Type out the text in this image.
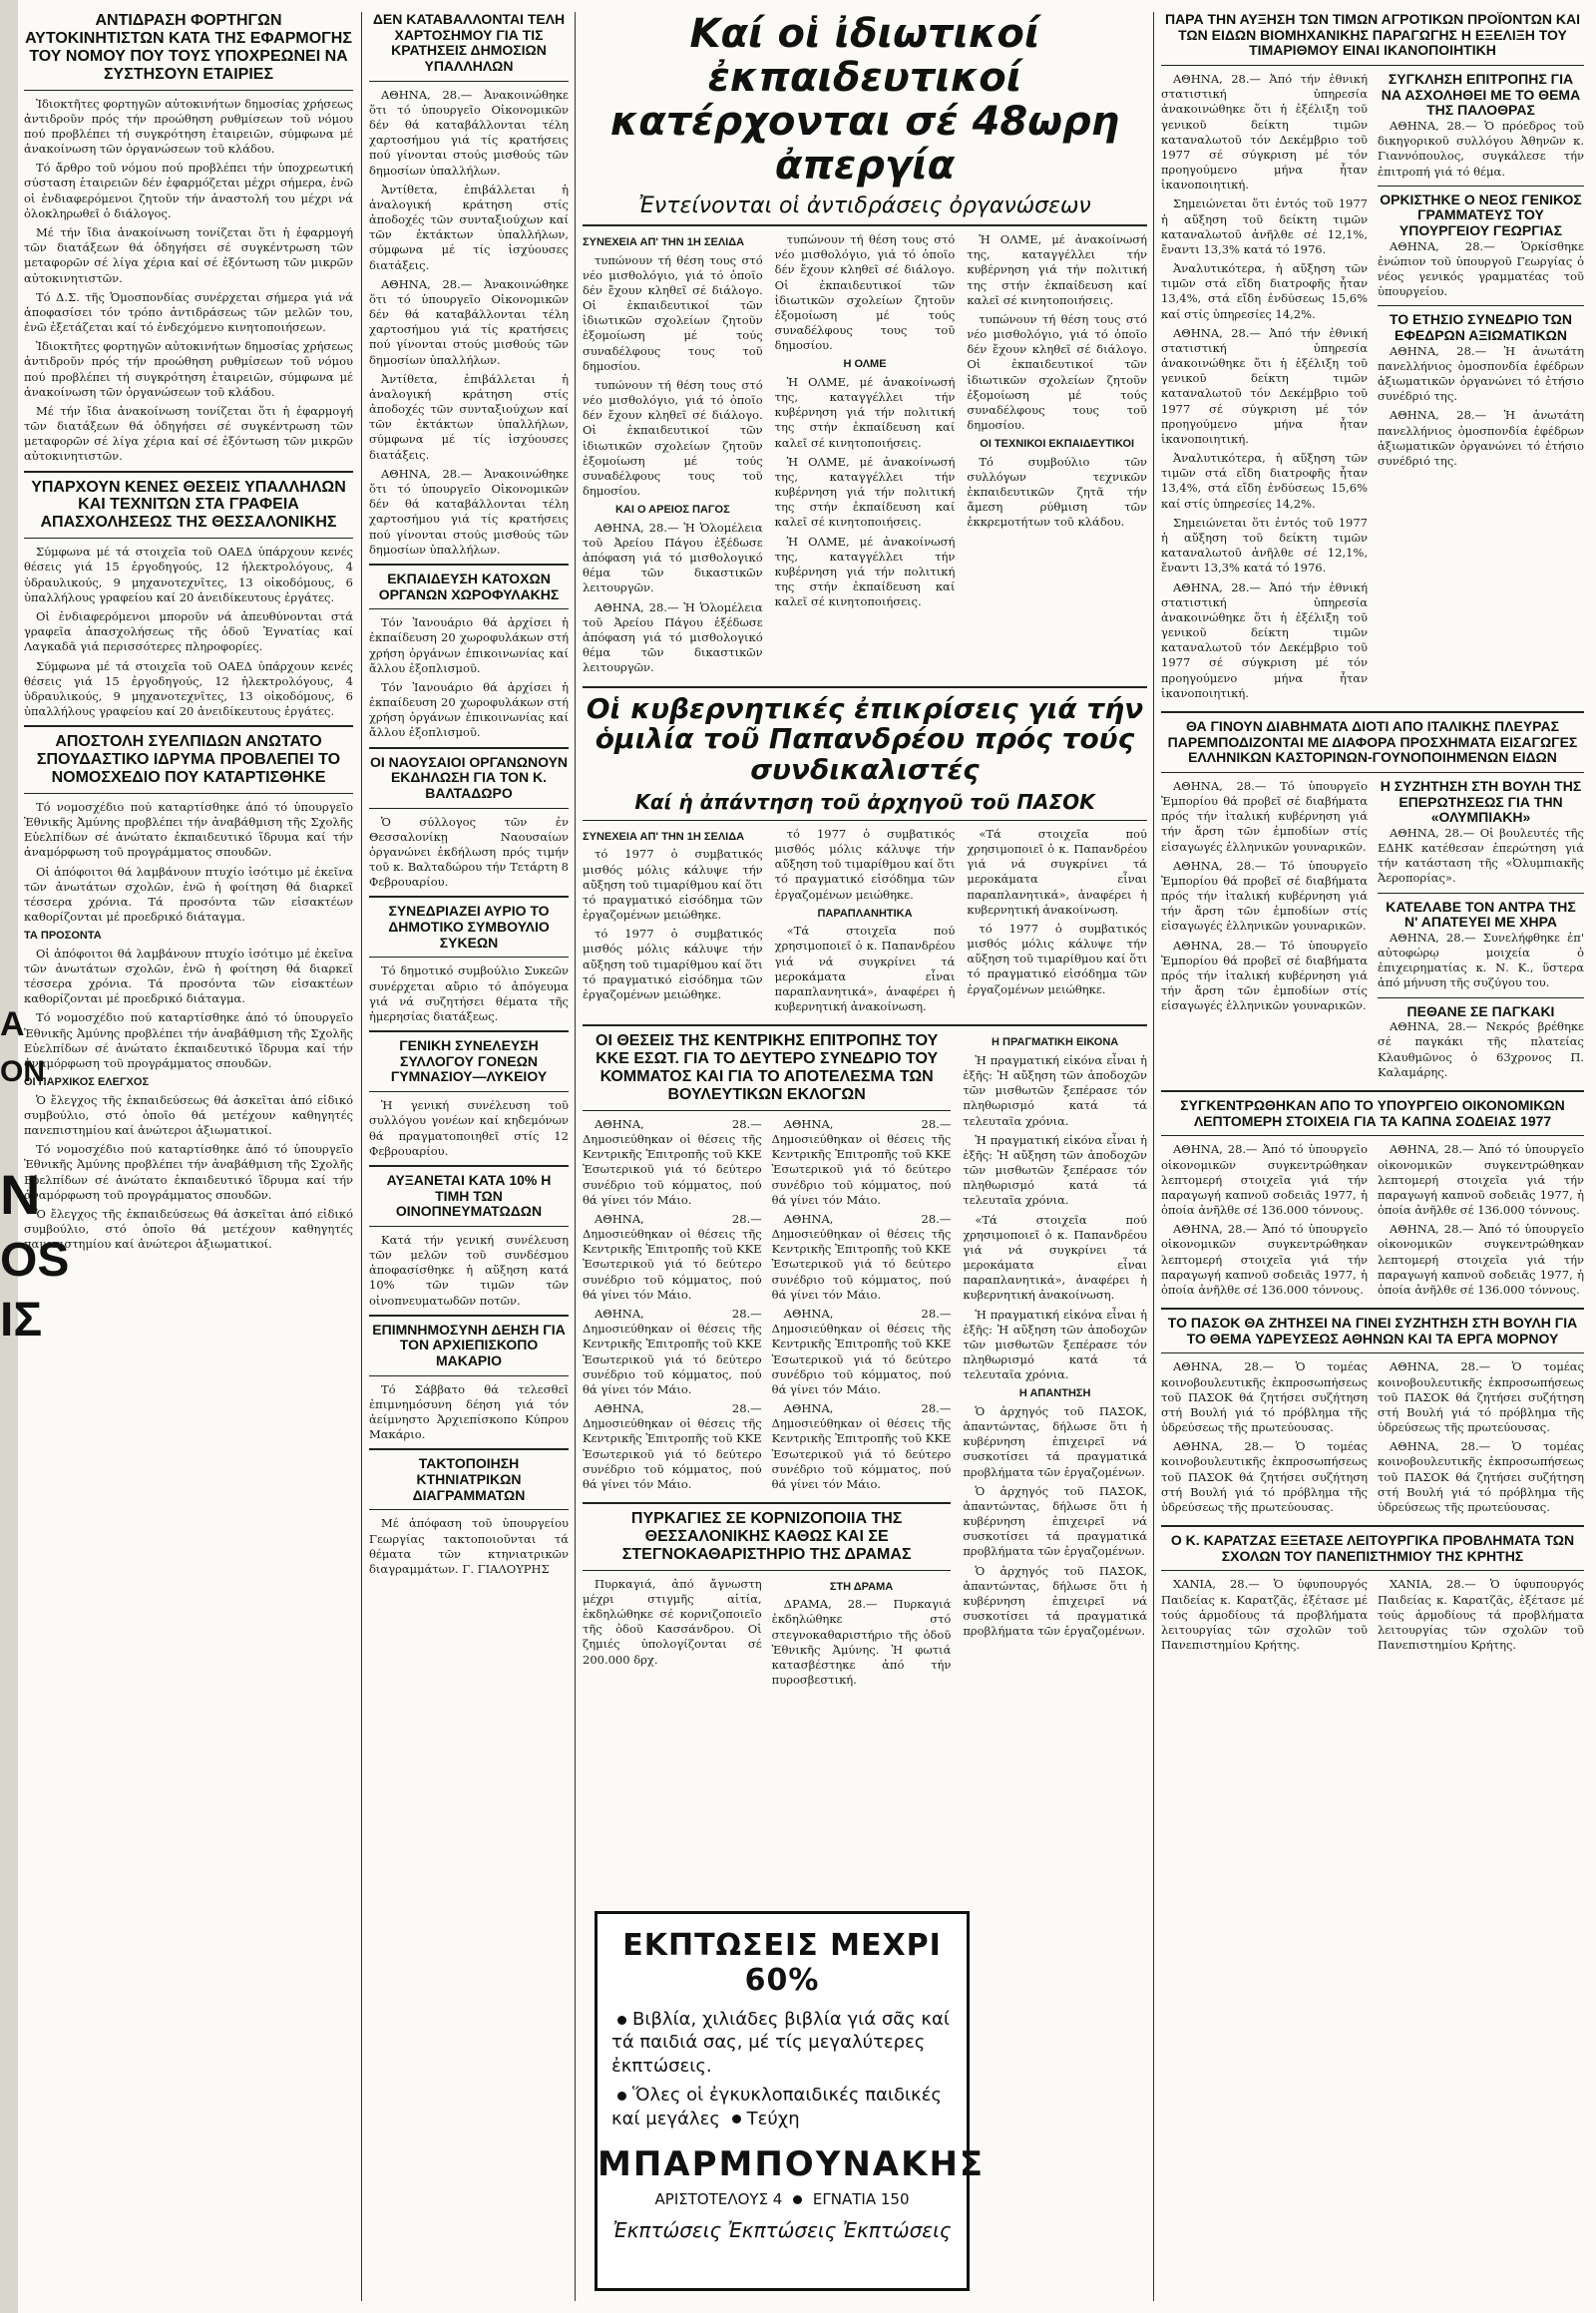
A
ON
N
OS
ΙΣ
ΑΝΤΙΔΡΑΣΗ ΦΟΡΤΗΓΩΝ ΑΥΤΟΚΙΝΗΤΙΣΤΩΝ ΚΑΤΑ ΤΗΣ ΕΦΑΡΜΟΓΗΣ ΤΟΥ ΝΟΜΟΥ ΠΟΥ ΤΟΥΣ ΥΠΟΧΡΕΩΝΕΙ ΝΑ ΣΥΣΤΗΣΟΥΝ ΕΤΑΙΡΙΕΣ

Ἰδιοκτῆτες φορτηγῶν αὐτοκινήτων δημοσίας χρήσεως ἀντιδροῦν πρός τήν προώθηση ρυθμίσεων τοῦ νόμου πού προβλέπει τή συγκρότηση ἑταιρειῶν, σύμφωνα μέ ἀνακοίνωση τῶν ὀργανώσεων τοῦ κλάδου.

Τό ἄρθρο τοῦ νόμου πού προβλέπει τήν ὑποχρεωτική σύσταση ἑταιρειῶν δέν ἐφαρμόζεται μέχρι σήμερα, ἐνῶ οἱ ἐνδιαφερόμενοι ζητοῦν τήν ἀναστολή του μέχρι νά ὁλοκληρωθεῖ ὁ διάλογος.

Μέ τήν ἴδια ἀνακοίνωση τονίζεται ὅτι ἡ ἐφαρμογή τῶν διατάξεων θά ὁδηγήσει σέ συγκέντρωση τῶν μεταφορῶν σέ λίγα χέρια καί σέ ἐξόντωση τῶν μικρῶν αὐτοκινητιστῶν.

Τό Δ.Σ. τῆς Ὁμοσπονδίας συνέρχεται σήμερα γιά νά ἀποφασίσει τόν τρόπο ἀντιδράσεως τῶν μελῶν του, ἐνῶ ἐξετάζεται καί τό ἐνδεχόμενο κινητοποιήσεων.

Ἰδιοκτῆτες φορτηγῶν αὐτοκινήτων δημοσίας χρήσεως ἀντιδροῦν πρός τήν προώθηση ρυθμίσεων τοῦ νόμου πού προβλέπει τή συγκρότηση ἑταιρειῶν, σύμφωνα μέ ἀνακοίνωση τῶν ὀργανώσεων τοῦ κλάδου.

Μέ τήν ἴδια ἀνακοίνωση τονίζεται ὅτι ἡ ἐφαρμογή τῶν διατάξεων θά ὁδηγήσει σέ συγκέντρωση τῶν μεταφορῶν σέ λίγα χέρια καί σέ ἐξόντωση τῶν μικρῶν αὐτοκινητιστῶν.

ΥΠΑΡΧΟΥΝ ΚΕΝΕΣ ΘΕΣΕΙΣ ΥΠΑΛΛΗΛΩΝ ΚΑΙ ΤΕΧΝΙΤΩΝ ΣΤΑ ΓΡΑΦΕΙΑ ΑΠΑΣΧΟΛΗΣΕΩΣ ΤΗΣ ΘΕΣΣΑΛΟΝΙΚΗΣ

Σύμφωνα μέ τά στοιχεῖα τοῦ ΟΑΕΔ ὑπάρχουν κενές θέσεις γιά 15 ἐργοδηγούς, 12 ἠλεκτρολόγους, 4 ὑδραυλικούς, 9 μηχανοτεχνῖτες, 13 οἰκοδόμους, 6 ὑπαλλήλους γραφείου καί 20 ἀνειδίκευτους ἐργάτες.

Οἱ ἐνδιαφερόμενοι μποροῦν νά ἀπευθύνονται στά γραφεῖα ἀπασχολήσεως τῆς ὁδοῦ Ἐγνατίας καί Λαγκαδᾶ γιά περισσότερες πληροφορίες.

Σύμφωνα μέ τά στοιχεῖα τοῦ ΟΑΕΔ ὑπάρχουν κενές θέσεις γιά 15 ἐργοδηγούς, 12 ἠλεκτρολόγους, 4 ὑδραυλικούς, 9 μηχανοτεχνῖτες, 13 οἰκοδόμους, 6 ὑπαλλήλους γραφείου καί 20 ἀνειδίκευτους ἐργάτες.

ΑΠΟΣΤΟΛΗ ΣΥΕΛΠΙΔΩΝ ΑΝΩΤΑΤΟ ΣΠΟΥΔΑΣΤΙΚΟ ΙΔΡΥΜΑ ΠΡΟΒΛΕΠΕΙ ΤΟ ΝΟΜΟΣΧΕΔΙΟ ΠΟΥ ΚΑΤΑΡΤΙΣΘΗΚΕ

Τό νομοσχέδιο πού καταρτίσθηκε ἀπό τό ὑπουργεῖο Ἐθνικῆς Ἀμύνης προβλέπει τήν ἀναβάθμιση τῆς Σχολῆς Εὐελπίδων σέ ἀνώτατο ἐκπαιδευτικό ἵδρυμα καί τήν ἀναμόρφωση τοῦ προγράμματος σπουδῶν.

Οἱ ἀπόφοιτοι θά λαμβάνουν πτυχίο ἰσότιμο μέ ἐκεῖνα τῶν ἀνωτάτων σχολῶν, ἐνῶ ἡ φοίτηση θά διαρκεῖ τέσσερα χρόνια. Τά προσόντα τῶν εἰσακτέων καθορίζονται μέ προεδρικό διάταγμα.

ΤΑ ΠΡΟΣΟΝΤΑ

Οἱ ἀπόφοιτοι θά λαμβάνουν πτυχίο ἰσότιμο μέ ἐκεῖνα τῶν ἀνωτάτων σχολῶν, ἐνῶ ἡ φοίτηση θά διαρκεῖ τέσσερα χρόνια. Τά προσόντα τῶν εἰσακτέων καθορίζονται μέ προεδρικό διάταγμα.

Τό νομοσχέδιο πού καταρτίσθηκε ἀπό τό ὑπουργεῖο Ἐθνικῆς Ἀμύνης προβλέπει τήν ἀναβάθμιση τῆς Σχολῆς Εὐελπίδων σέ ἀνώτατο ἐκπαιδευτικό ἵδρυμα καί τήν ἀναμόρφωση τοῦ προγράμματος σπουδῶν.

ΟΙ ΠΑΡΧΙΚΟΣ ΕΛΕΓΧΟΣ

Ὁ ἔλεγχος τῆς ἐκπαιδεύσεως θά ἀσκεῖται ἀπό εἰδικό συμβούλιο, στό ὁποῖο θά μετέχουν καθηγητές πανεπιστημίου καί ἀνώτεροι ἀξιωματικοί.

Τό νομοσχέδιο πού καταρτίσθηκε ἀπό τό ὑπουργεῖο Ἐθνικῆς Ἀμύνης προβλέπει τήν ἀναβάθμιση τῆς Σχολῆς Εὐελπίδων σέ ἀνώτατο ἐκπαιδευτικό ἵδρυμα καί τήν ἀναμόρφωση τοῦ προγράμματος σπουδῶν.

Ὁ ἔλεγχος τῆς ἐκπαιδεύσεως θά ἀσκεῖται ἀπό εἰδικό συμβούλιο, στό ὁποῖο θά μετέχουν καθηγητές πανεπιστημίου καί ἀνώτεροι ἀξιωματικοί.

ΔΕΝ ΚΑΤΑΒΑΛΛΟΝΤΑΙ ΤΕΛΗ ΧΑΡΤΟΣΗΜΟΥ ΓΙΑ ΤΙΣ ΚΡΑΤΗΣΕΙΣ ΔΗΜΟΣΙΩΝ ΥΠΑΛΛΗΛΩΝ

ΑΘΗΝΑ, 28.— Ἀνακοινώθηκε ὅτι τό ὑπουργεῖο Οἰκονομικῶν δέν θά καταβάλλονται τέλη χαρτοσήμου γιά τίς κρατήσεις πού γίνονται στούς μισθούς τῶν δημοσίων ὑπαλλήλων.

Ἀντίθετα, ἐπιβάλλεται ἡ ἀναλογική κράτηση στίς ἀποδοχές τῶν συνταξιούχων καί τῶν ἐκτάκτων ὑπαλλήλων, σύμφωνα μέ τίς ἰσχύουσες διατάξεις.

ΑΘΗΝΑ, 28.— Ἀνακοινώθηκε ὅτι τό ὑπουργεῖο Οἰκονομικῶν δέν θά καταβάλλονται τέλη χαρτοσήμου γιά τίς κρατήσεις πού γίνονται στούς μισθούς τῶν δημοσίων ὑπαλλήλων.

Ἀντίθετα, ἐπιβάλλεται ἡ ἀναλογική κράτηση στίς ἀποδοχές τῶν συνταξιούχων καί τῶν ἐκτάκτων ὑπαλλήλων, σύμφωνα μέ τίς ἰσχύουσες διατάξεις.

ΑΘΗΝΑ, 28.— Ἀνακοινώθηκε ὅτι τό ὑπουργεῖο Οἰκονομικῶν δέν θά καταβάλλονται τέλη χαρτοσήμου γιά τίς κρατήσεις πού γίνονται στούς μισθούς τῶν δημοσίων ὑπαλλήλων.

ΕΚΠΑΙΔΕΥΣΗ ΚΑΤΟΧΩΝ ΟΡΓΑΝΩΝ ΧΩΡΟΦΥΛΑΚΗΣ

Τόν Ἰανουάριο θά ἀρχίσει ἡ ἐκπαίδευση 20 χωροφυλάκων στή χρήση ὀργάνων ἐπικοινωνίας καί ἄλλου ἐξοπλισμοῦ.

Τόν Ἰανουάριο θά ἀρχίσει ἡ ἐκπαίδευση 20 χωροφυλάκων στή χρήση ὀργάνων ἐπικοινωνίας καί ἄλλου ἐξοπλισμοῦ.

ΟΙ ΝΑΟΥΣΑΙΟΙ ΟΡΓΑΝΩΝΟΥΝ ΕΚΔΗΛΩΣΗ ΓΙΑ ΤΟΝ Κ. ΒΑΛΤΑΔΩΡΟ

Ὁ σύλλογος τῶν ἐν Θεσσαλονίκῃ Ναουσαίων ὀργανώνει ἐκδήλωση πρός τιμήν τοῦ κ. Βαλταδώρου τήν Τετάρτη 8 Φεβρουαρίου.

ΣΥΝΕΔΡΙΑΖΕΙ ΑΥΡΙΟ ΤΟ ΔΗΜΟΤΙΚΟ ΣΥΜΒΟΥΛΙΟ ΣΥΚΕΩΝ

Τό δημοτικό συμβούλιο Συκεῶν συνέρχεται αὔριο τό ἀπόγευμα γιά νά συζητήσει θέματα τῆς ἡμερησίας διατάξεως.

ΓΕΝΙΚΗ ΣΥΝΕΛΕΥΣΗ ΣΥΛΛΟΓΟΥ ΓΟΝΕΩΝ ΓΥΜΝΑΣΙΟΥ—ΛΥΚΕΙΟΥ

Ἡ γενική συνέλευση τοῦ συλλόγου γονέων καί κηδεμόνων θά πραγματοποιηθεῖ στίς 12 Φεβρουαρίου.

ΑΥΞΑΝΕΤΑΙ ΚΑΤΑ 10% Η ΤΙΜΗ ΤΩΝ ΟΙΝΟΠΝΕΥΜΑΤΩΔΩΝ

Κατά τήν γενική συνέλευση τῶν μελῶν τοῦ συνδέσμου ἀποφασίσθηκε ἡ αὔξηση κατά 10% τῶν τιμῶν τῶν οἰνοπνευματωδῶν ποτῶν.

ΕΠΙΜΝΗΜΟΣΥΝΗ ΔΕΗΣΗ ΓΙΑ ΤΟΝ ΑΡΧΙΕΠΙΣΚΟΠΟ ΜΑΚΑΡΙΟ

Τό Σάββατο θά τελεσθεῖ ἐπιμνημόσυνη δέηση γιά τόν ἀείμνηστο Ἀρχιεπίσκοπο Κύπρου Μακάριο.

ΤΑΚΤΟΠΟΙΗΣΗ ΚΤΗΝΙΑΤΡΙΚΩΝ ΔΙΑΓΡΑΜΜΑΤΩΝ

Μέ ἀπόφαση τοῦ ὑπουργείου Γεωργίας τακτοποιοῦνται τά θέματα τῶν κτηνιατρικῶν διαγραμμάτων. Γ. ΓΙΑΛΟΥΡΗΣ

Καί οἱ ἰδιωτικοί ἐκπαιδευτικοί κατέρχονται σέ 48ωρη ἀπεργία
Ἐντείνονται οἱ ἀντιδράσεις ὀργανώσεων
ΣΥΝΕΧΕΙΑ ΑΠ' ΤΗΝ 1Η ΣΕΛΙΔΑ

τυπώνουν τή θέση τους στό νέο μισθολόγιο, γιά τό ὁποῖο δέν ἔχουν κληθεῖ σέ διάλογο. Οἱ ἐκπαιδευτικοί τῶν ἰδιωτικῶν σχολείων ζητοῦν ἐξομοίωση μέ τούς συναδέλφους τους τοῦ δημοσίου.

τυπώνουν τή θέση τους στό νέο μισθολόγιο, γιά τό ὁποῖο δέν ἔχουν κληθεῖ σέ διάλογο. Οἱ ἐκπαιδευτικοί τῶν ἰδιωτικῶν σχολείων ζητοῦν ἐξομοίωση μέ τούς συναδέλφους τους τοῦ δημοσίου.

ΚΑΙ Ο ΑΡΕΙΟΣ ΠΑΓΟΣ

ΑΘΗΝΑ, 28.— Ἡ Ὁλομέλεια τοῦ Ἀρείου Πάγου ἐξέδωσε ἀπόφαση γιά τό μισθολογικό θέμα τῶν δικαστικῶν λειτουργῶν.

ΑΘΗΝΑ, 28.— Ἡ Ὁλομέλεια τοῦ Ἀρείου Πάγου ἐξέδωσε ἀπόφαση γιά τό μισθολογικό θέμα τῶν δικαστικῶν λειτουργῶν.

τυπώνουν τή θέση τους στό νέο μισθολόγιο, γιά τό ὁποῖο δέν ἔχουν κληθεῖ σέ διάλογο. Οἱ ἐκπαιδευτικοί τῶν ἰδιωτικῶν σχολείων ζητοῦν ἐξομοίωση μέ τούς συναδέλφους τους τοῦ δημοσίου.

Η ΟΛΜΕ

Ἡ ΟΛΜΕ, μέ ἀνακοίνωσή της, καταγγέλλει τήν κυβέρνηση γιά τήν πολιτική της στήν ἐκπαίδευση καί καλεῖ σέ κινητοποιήσεις.

Ἡ ΟΛΜΕ, μέ ἀνακοίνωσή της, καταγγέλλει τήν κυβέρνηση γιά τήν πολιτική της στήν ἐκπαίδευση καί καλεῖ σέ κινητοποιήσεις.

Ἡ ΟΛΜΕ, μέ ἀνακοίνωσή της, καταγγέλλει τήν κυβέρνηση γιά τήν πολιτική της στήν ἐκπαίδευση καί καλεῖ σέ κινητοποιήσεις.

Ἡ ΟΛΜΕ, μέ ἀνακοίνωσή της, καταγγέλλει τήν κυβέρνηση γιά τήν πολιτική της στήν ἐκπαίδευση καί καλεῖ σέ κινητοποιήσεις.

τυπώνουν τή θέση τους στό νέο μισθολόγιο, γιά τό ὁποῖο δέν ἔχουν κληθεῖ σέ διάλογο. Οἱ ἐκπαιδευτικοί τῶν ἰδιωτικῶν σχολείων ζητοῦν ἐξομοίωση μέ τούς συναδέλφους τους τοῦ δημοσίου.

ΟΙ ΤΕΧΝΙΚΟΙ ΕΚΠΑΙΔΕΥΤΙΚΟΙ

Τό συμβούλιο τῶν συλλόγων τεχνικῶν ἐκπαιδευτικῶν ζητᾶ τήν ἄμεση ρύθμιση τῶν ἐκκρεμοτήτων τοῦ κλάδου.

Οἱ κυβερνητικές ἐπικρίσεις γιά τήν ὁμιλία τοῦ Παπανδρέου πρός τούς συνδικαλιστές
Καί ἡ ἀπάντηση τοῦ ἀρχηγοῦ τοῦ ΠΑΣΟΚ
ΣΥΝΕΧΕΙΑ ΑΠ' ΤΗΝ 1Η ΣΕΛΙΔΑ

τό 1977 ὁ συμβατικός μισθός μόλις κάλυψε τήν αὔξηση τοῦ τιμαρίθμου καί ὅτι τό πραγματικό εἰσόδημα τῶν ἐργαζομένων μειώθηκε.

τό 1977 ὁ συμβατικός μισθός μόλις κάλυψε τήν αὔξηση τοῦ τιμαρίθμου καί ὅτι τό πραγματικό εἰσόδημα τῶν ἐργαζομένων μειώθηκε.

τό 1977 ὁ συμβατικός μισθός μόλις κάλυψε τήν αὔξηση τοῦ τιμαρίθμου καί ὅτι τό πραγματικό εἰσόδημα τῶν ἐργαζομένων μειώθηκε.

ΠΑΡΑΠΛΑΝΗΤΙΚΑ

«Τά στοιχεῖα πού χρησιμοποιεῖ ὁ κ. Παπανδρέου γιά νά συγκρίνει τά μεροκάματα εἶναι παραπλανητικά», ἀναφέρει ἡ κυβερνητική ἀνακοίνωση.

«Τά στοιχεῖα πού χρησιμοποιεῖ ὁ κ. Παπανδρέου γιά νά συγκρίνει τά μεροκάματα εἶναι παραπλανητικά», ἀναφέρει ἡ κυβερνητική ἀνακοίνωση.

τό 1977 ὁ συμβατικός μισθός μόλις κάλυψε τήν αὔξηση τοῦ τιμαρίθμου καί ὅτι τό πραγματικό εἰσόδημα τῶν ἐργαζομένων μειώθηκε.

ΟΙ ΘΕΣΕΙΣ ΤΗΣ ΚΕΝΤΡΙΚΗΣ ΕΠΙΤΡΟΠΗΣ ΤΟΥ ΚΚΕ ΕΣΩΤ. ΓΙΑ ΤΟ ΔΕΥΤΕΡΟ ΣΥΝΕΔΡΙΟ ΤΟΥ ΚΟΜΜΑΤΟΣ ΚΑΙ ΓΙΑ ΤΟ ΑΠΟΤΕΛΕΣΜΑ ΤΩΝ ΒΟΥΛΕΥΤΙΚΩΝ ΕΚΛΟΓΩΝ

ΑΘΗΝΑ, 28.— Δημοσιεύθηκαν οἱ θέσεις τῆς Κεντρικῆς Ἐπιτροπῆς τοῦ ΚΚΕ Ἐσωτερικοῦ γιά τό δεύτερο συνέδριο τοῦ κόμματος, πού θά γίνει τόν Μάιο.

ΑΘΗΝΑ, 28.— Δημοσιεύθηκαν οἱ θέσεις τῆς Κεντρικῆς Ἐπιτροπῆς τοῦ ΚΚΕ Ἐσωτερικοῦ γιά τό δεύτερο συνέδριο τοῦ κόμματος, πού θά γίνει τόν Μάιο.

ΑΘΗΝΑ, 28.— Δημοσιεύθηκαν οἱ θέσεις τῆς Κεντρικῆς Ἐπιτροπῆς τοῦ ΚΚΕ Ἐσωτερικοῦ γιά τό δεύτερο συνέδριο τοῦ κόμματος, πού θά γίνει τόν Μάιο.

ΑΘΗΝΑ, 28.— Δημοσιεύθηκαν οἱ θέσεις τῆς Κεντρικῆς Ἐπιτροπῆς τοῦ ΚΚΕ Ἐσωτερικοῦ γιά τό δεύτερο συνέδριο τοῦ κόμματος, πού θά γίνει τόν Μάιο.

ΑΘΗΝΑ, 28.— Δημοσιεύθηκαν οἱ θέσεις τῆς Κεντρικῆς Ἐπιτροπῆς τοῦ ΚΚΕ Ἐσωτερικοῦ γιά τό δεύτερο συνέδριο τοῦ κόμματος, πού θά γίνει τόν Μάιο.

ΑΘΗΝΑ, 28.— Δημοσιεύθηκαν οἱ θέσεις τῆς Κεντρικῆς Ἐπιτροπῆς τοῦ ΚΚΕ Ἐσωτερικοῦ γιά τό δεύτερο συνέδριο τοῦ κόμματος, πού θά γίνει τόν Μάιο.

ΑΘΗΝΑ, 28.— Δημοσιεύθηκαν οἱ θέσεις τῆς Κεντρικῆς Ἐπιτροπῆς τοῦ ΚΚΕ Ἐσωτερικοῦ γιά τό δεύτερο συνέδριο τοῦ κόμματος, πού θά γίνει τόν Μάιο.

ΑΘΗΝΑ, 28.— Δημοσιεύθηκαν οἱ θέσεις τῆς Κεντρικῆς Ἐπιτροπῆς τοῦ ΚΚΕ Ἐσωτερικοῦ γιά τό δεύτερο συνέδριο τοῦ κόμματος, πού θά γίνει τόν Μάιο.

ΠΥΡΚΑΓΙΕΣ ΣΕ ΚΟΡΝΙΖΟΠΟΙΙΑ ΤΗΣ ΘΕΣΣΑΛΟΝΙΚΗΣ ΚΑΘΩΣ ΚΑΙ ΣΕ ΣΤΕΓΝΟΚΑΘΑΡΙΣΤΗΡΙΟ ΤΗΣ ΔΡΑΜΑΣ

Πυρκαγιά, ἀπό ἄγνωστη μέχρι στιγμῆς αἰτία, ἐκδηλώθηκε σέ κορνιζοποιεῖο τῆς ὁδοῦ Κασσάνδρου. Οἱ ζημιές ὑπολογίζονται σέ 200.000 δρχ.

ΣΤΗ ΔΡΑΜΑ

ΔΡΑΜΑ, 28.— Πυρκαγιά ἐκδηλώθηκε στό στεγνοκαθαριστήριο τῆς ὁδοῦ Ἐθνικῆς Ἀμύνης. Ἡ φωτιά κατασβέστηκε ἀπό τήν πυροσβεστική.

Η ΠΡΑΓΜΑΤΙΚΗ ΕΙΚΟΝΑ

Ἡ πραγματική εἰκόνα εἶναι ἡ ἑξῆς: Ἡ αὔξηση τῶν ἀποδοχῶν τῶν μισθωτῶν ξεπέρασε τόν πληθωρισμό κατά τά τελευταῖα χρόνια.

Ἡ πραγματική εἰκόνα εἶναι ἡ ἑξῆς: Ἡ αὔξηση τῶν ἀποδοχῶν τῶν μισθωτῶν ξεπέρασε τόν πληθωρισμό κατά τά τελευταῖα χρόνια.

«Τά στοιχεῖα πού χρησιμοποιεῖ ὁ κ. Παπανδρέου γιά νά συγκρίνει τά μεροκάματα εἶναι παραπλανητικά», ἀναφέρει ἡ κυβερνητική ἀνακοίνωση.

Ἡ πραγματική εἰκόνα εἶναι ἡ ἑξῆς: Ἡ αὔξηση τῶν ἀποδοχῶν τῶν μισθωτῶν ξεπέρασε τόν πληθωρισμό κατά τά τελευταῖα χρόνια.

Η ΑΠΑΝΤΗΣΗ

Ὁ ἀρχηγός τοῦ ΠΑΣΟΚ, ἀπαντώντας, δήλωσε ὅτι ἡ κυβέρνηση ἐπιχειρεῖ νά συσκοτίσει τά πραγματικά προβλήματα τῶν ἐργαζομένων.

Ὁ ἀρχηγός τοῦ ΠΑΣΟΚ, ἀπαντώντας, δήλωσε ὅτι ἡ κυβέρνηση ἐπιχειρεῖ νά συσκοτίσει τά πραγματικά προβλήματα τῶν ἐργαζομένων.

Ὁ ἀρχηγός τοῦ ΠΑΣΟΚ, ἀπαντώντας, δήλωσε ὅτι ἡ κυβέρνηση ἐπιχειρεῖ νά συσκοτίσει τά πραγματικά προβλήματα τῶν ἐργαζομένων.

ΕΚΠΤΩΣΕΙΣ ΜΕΧΡΙ 60%
Βιβλία, χιλιάδες βιβλία γιά σᾶς καί τά παιδιά σας, μέ τίς μεγαλύτερες ἐκπτώσεις.
Ὅλες οἱ ἐγκυκλοπαιδικές παιδικές καί μεγάλες Τεύχη
ΜΠΑΡΜΠΟΥΝΑΚΗΣ
ΑΡΙΣΤΟΤΕΛΟΥΣ 4 ΕΓΝΑΤΙΑ 150
Ἐκπτώσεις Ἐκπτώσεις Ἐκπτώσεις
ΠΑΡΑ ΤΗΝ ΑΥΞΗΣΗ ΤΩΝ ΤΙΜΩΝ ΑΓΡΟΤΙΚΩΝ ΠΡΟΪΟΝΤΩΝ ΚΑΙ ΤΩΝ ΕΙΔΩΝ ΒΙΟΜΗΧΑΝΙΚΗΣ ΠΑΡΑΓΩΓΗΣ Η ΕΞΕΛΙΞΗ ΤΟΥ ΤΙΜΑΡΙΘΜΟΥ ΕΙΝΑΙ ΙΚΑΝΟΠΟΙΗΤΙΚΗ

ΑΘΗΝΑ, 28.— Ἀπό τήν ἐθνική στατιστική ὑπηρεσία ἀνακοινώθηκε ὅτι ἡ ἐξέλιξη τοῦ γενικοῦ δείκτη τιμῶν καταναλωτοῦ τόν Δεκέμβριο τοῦ 1977 σέ σύγκριση μέ τόν προηγούμενο μήνα ἦταν ἱκανοποιητική.

Σημειώνεται ὅτι ἐντός τοῦ 1977 ἡ αὔξηση τοῦ δείκτη τιμῶν καταναλωτοῦ ἀνῆλθε σέ 12,1%, ἔναντι 13,3% κατά τό 1976.

Ἀναλυτικότερα, ἡ αὔξηση τῶν τιμῶν στά εἴδη διατροφῆς ἦταν 13,4%, στά εἴδη ἐνδύσεως 15,6% καί στίς ὑπηρεσίες 14,2%.

ΑΘΗΝΑ, 28.— Ἀπό τήν ἐθνική στατιστική ὑπηρεσία ἀνακοινώθηκε ὅτι ἡ ἐξέλιξη τοῦ γενικοῦ δείκτη τιμῶν καταναλωτοῦ τόν Δεκέμβριο τοῦ 1977 σέ σύγκριση μέ τόν προηγούμενο μήνα ἦταν ἱκανοποιητική.

Ἀναλυτικότερα, ἡ αὔξηση τῶν τιμῶν στά εἴδη διατροφῆς ἦταν 13,4%, στά εἴδη ἐνδύσεως 15,6% καί στίς ὑπηρεσίες 14,2%.

Σημειώνεται ὅτι ἐντός τοῦ 1977 ἡ αὔξηση τοῦ δείκτη τιμῶν καταναλωτοῦ ἀνῆλθε σέ 12,1%, ἔναντι 13,3% κατά τό 1976.

ΑΘΗΝΑ, 28.— Ἀπό τήν ἐθνική στατιστική ὑπηρεσία ἀνακοινώθηκε ὅτι ἡ ἐξέλιξη τοῦ γενικοῦ δείκτη τιμῶν καταναλωτοῦ τόν Δεκέμβριο τοῦ 1977 σέ σύγκριση μέ τόν προηγούμενο μήνα ἦταν ἱκανοποιητική.

ΣΥΓΚΛΗΣΗ ΕΠΙΤΡΟΠΗΣ ΓΙΑ ΝΑ ΑΣΧΟΛΗΘΕΙ ΜΕ ΤΟ ΘΕΜΑ ΤΗΣ ΠΑΛΟΘΡΑΣ

ΑΘΗΝΑ, 28.— Ὁ πρόεδρος τοῦ δικηγορικοῦ συλλόγου Ἀθηνῶν κ. Γιαννόπουλος, συγκάλεσε τήν ἐπιτροπή γιά τό θέμα.

ΟΡΚΙΣΤΗΚΕ Ο ΝΕΟΣ ΓΕΝΙΚΟΣ ΓΡΑΜΜΑΤΕΥΣ ΤΟΥ ΥΠΟΥΡΓΕΙΟΥ ΓΕΩΡΓΙΑΣ

ΑΘΗΝΑ, 28.— Ὁρκίσθηκε ἐνώπιον τοῦ ὑπουργοῦ Γεωργίας ὁ νέος γενικός γραμματέας τοῦ ὑπουργείου.

ΤΟ ΕΤΗΣΙΟ ΣΥΝΕΔΡΙΟ ΤΩΝ ΕΦΕΔΡΩΝ ΑΞΙΩΜΑΤΙΚΩΝ

ΑΘΗΝΑ, 28.— Ἡ ἀνωτάτη πανελλήνιος ὁμοσπονδία ἐφέδρων ἀξιωματικῶν ὀργανώνει τό ἐτήσιο συνέδριό της.

ΑΘΗΝΑ, 28.— Ἡ ἀνωτάτη πανελλήνιος ὁμοσπονδία ἐφέδρων ἀξιωματικῶν ὀργανώνει τό ἐτήσιο συνέδριό της.

ΘΑ ΓΙΝΟΥΝ ΔΙΑΒΗΜΑΤΑ ΔΙΟΤΙ ΑΠΟ ΙΤΑΛΙΚΗΣ ΠΛΕΥΡΑΣ ΠΑΡΕΜΠΟΔΙΖΟΝΤΑΙ ΜΕ ΔΙΑΦΟΡΑ ΠΡΟΣΧΗΜΑΤΑ ΕΙΣΑΓΩΓΕΣ ΕΛΛΗΝΙΚΩΝ ΚΑΣΤΟΡΙΝΩΝ-ΓΟΥΝΟΠΟΙΗΜΕΝΩΝ ΕΙΔΩΝ

ΑΘΗΝΑ, 28.— Τό ὑπουργεῖο Ἐμπορίου θά προβεῖ σέ διαβήματα πρός τήν ἰταλική κυβέρνηση γιά τήν ἄρση τῶν ἐμποδίων στίς εἰσαγωγές ἑλληνικῶν γουναρικῶν.

ΑΘΗΝΑ, 28.— Τό ὑπουργεῖο Ἐμπορίου θά προβεῖ σέ διαβήματα πρός τήν ἰταλική κυβέρνηση γιά τήν ἄρση τῶν ἐμποδίων στίς εἰσαγωγές ἑλληνικῶν γουναρικῶν.

ΑΘΗΝΑ, 28.— Τό ὑπουργεῖο Ἐμπορίου θά προβεῖ σέ διαβήματα πρός τήν ἰταλική κυβέρνηση γιά τήν ἄρση τῶν ἐμποδίων στίς εἰσαγωγές ἑλληνικῶν γουναρικῶν.

Η ΣΥΖΗΤΗΣΗ ΣΤΗ ΒΟΥΛΗ ΤΗΣ ΕΠΕΡΩΤΗΣΕΩΣ ΓΙΑ ΤΗΝ «ΟΛΥΜΠΙΑΚΗ»

ΑΘΗΝΑ, 28.— Οἱ βουλευτές τῆς ΕΔΗΚ κατέθεσαν ἐπερώτηση γιά τήν κατάσταση τῆς «Ὀλυμπιακῆς Ἀεροπορίας».

ΚΑΤΕΛΑΒΕ ΤΟΝ ΑΝΤΡΑ ΤΗΣ Ν' ΑΠΑΤΕΥΕΙ ΜΕ ΧΗΡΑ

ΑΘΗΝΑ, 28.— Συνελήφθηκε ἐπ' αὐτοφώρῳ μοιχεία ὁ ἐπιχειρηματίας κ. Ν. Κ., ὕστερα ἀπό μήνυση τῆς συζύγου του.

ΠΕΘΑΝΕ ΣΕ ΠΑΓΚΑΚΙ

ΑΘΗΝΑ, 28.— Νεκρός βρέθηκε σέ παγκάκι τῆς πλατείας Κλαυθμῶνος ὁ 63χρονος Π. Καλαμάρης.

ΣΥΓΚΕΝΤΡΩΘΗΚΑΝ ΑΠΟ ΤΟ ΥΠΟΥΡΓΕΙΟ ΟΙΚΟΝΟΜΙΚΩΝ ΛΕΠΤΟΜΕΡΗ ΣΤΟΙΧΕΙΑ ΓΙΑ ΤΑ ΚΑΠΝΑ ΣΟΔΕΙΑΣ 1977

ΑΘΗΝΑ, 28.— Ἀπό τό ὑπουργεῖο οἰκονομικῶν συγκεντρώθηκαν λεπτομερή στοιχεῖα γιά τήν παραγωγή καπνοῦ σοδειᾶς 1977, ἡ ὁποία ἀνῆλθε σέ 136.000 τόννους.

ΑΘΗΝΑ, 28.— Ἀπό τό ὑπουργεῖο οἰκονομικῶν συγκεντρώθηκαν λεπτομερή στοιχεῖα γιά τήν παραγωγή καπνοῦ σοδειᾶς 1977, ἡ ὁποία ἀνῆλθε σέ 136.000 τόννους.

ΑΘΗΝΑ, 28.— Ἀπό τό ὑπουργεῖο οἰκονομικῶν συγκεντρώθηκαν λεπτομερή στοιχεῖα γιά τήν παραγωγή καπνοῦ σοδειᾶς 1977, ἡ ὁποία ἀνῆλθε σέ 136.000 τόννους.

ΑΘΗΝΑ, 28.— Ἀπό τό ὑπουργεῖο οἰκονομικῶν συγκεντρώθηκαν λεπτομερή στοιχεῖα γιά τήν παραγωγή καπνοῦ σοδειᾶς 1977, ἡ ὁποία ἀνῆλθε σέ 136.000 τόννους.

ΤΟ ΠΑΣΟΚ ΘΑ ΖΗΤΗΣΕΙ ΝΑ ΓΙΝΕΙ ΣΥΖΗΤΗΣΗ ΣΤΗ ΒΟΥΛΗ ΓΙΑ ΤΟ ΘΕΜΑ ΥΔΡΕΥΣΕΩΣ ΑΘΗΝΩΝ ΚΑΙ ΤΑ ΕΡΓΑ ΜΟΡΝΟΥ

ΑΘΗΝΑ, 28.— Ὁ τομέας κοινοβουλευτικῆς ἐκπροσωπήσεως τοῦ ΠΑΣΟΚ θά ζητήσει συζήτηση στή Βουλή γιά τό πρόβλημα τῆς ὑδρεύσεως τῆς πρωτεύουσας.

ΑΘΗΝΑ, 28.— Ὁ τομέας κοινοβουλευτικῆς ἐκπροσωπήσεως τοῦ ΠΑΣΟΚ θά ζητήσει συζήτηση στή Βουλή γιά τό πρόβλημα τῆς ὑδρεύσεως τῆς πρωτεύουσας.

ΑΘΗΝΑ, 28.— Ὁ τομέας κοινοβουλευτικῆς ἐκπροσωπήσεως τοῦ ΠΑΣΟΚ θά ζητήσει συζήτηση στή Βουλή γιά τό πρόβλημα τῆς ὑδρεύσεως τῆς πρωτεύουσας.

ΑΘΗΝΑ, 28.— Ὁ τομέας κοινοβουλευτικῆς ἐκπροσωπήσεως τοῦ ΠΑΣΟΚ θά ζητήσει συζήτηση στή Βουλή γιά τό πρόβλημα τῆς ὑδρεύσεως τῆς πρωτεύουσας.

Ο Κ. ΚΑΡΑΤΖΑΣ ΕΞΕΤΑΣΕ ΛΕΙΤΟΥΡΓΙΚΑ ΠΡΟΒΛΗΜΑΤΑ ΤΩΝ ΣΧΟΛΩΝ ΤΟΥ ΠΑΝΕΠΙΣΤΗΜΙΟΥ ΤΗΣ ΚΡΗΤΗΣ

ΧΑΝΙΑ, 28.— Ὁ ὑφυπουργός Παιδείας κ. Καρατζᾶς, ἐξέτασε μέ τούς ἁρμοδίους τά προβλήματα λειτουργίας τῶν σχολῶν τοῦ Πανεπιστημίου Κρήτης.

ΧΑΝΙΑ, 28.— Ὁ ὑφυπουργός Παιδείας κ. Καρατζᾶς, ἐξέτασε μέ τούς ἁρμοδίους τά προβλήματα λειτουργίας τῶν σχολῶν τοῦ Πανεπιστημίου Κρήτης.
